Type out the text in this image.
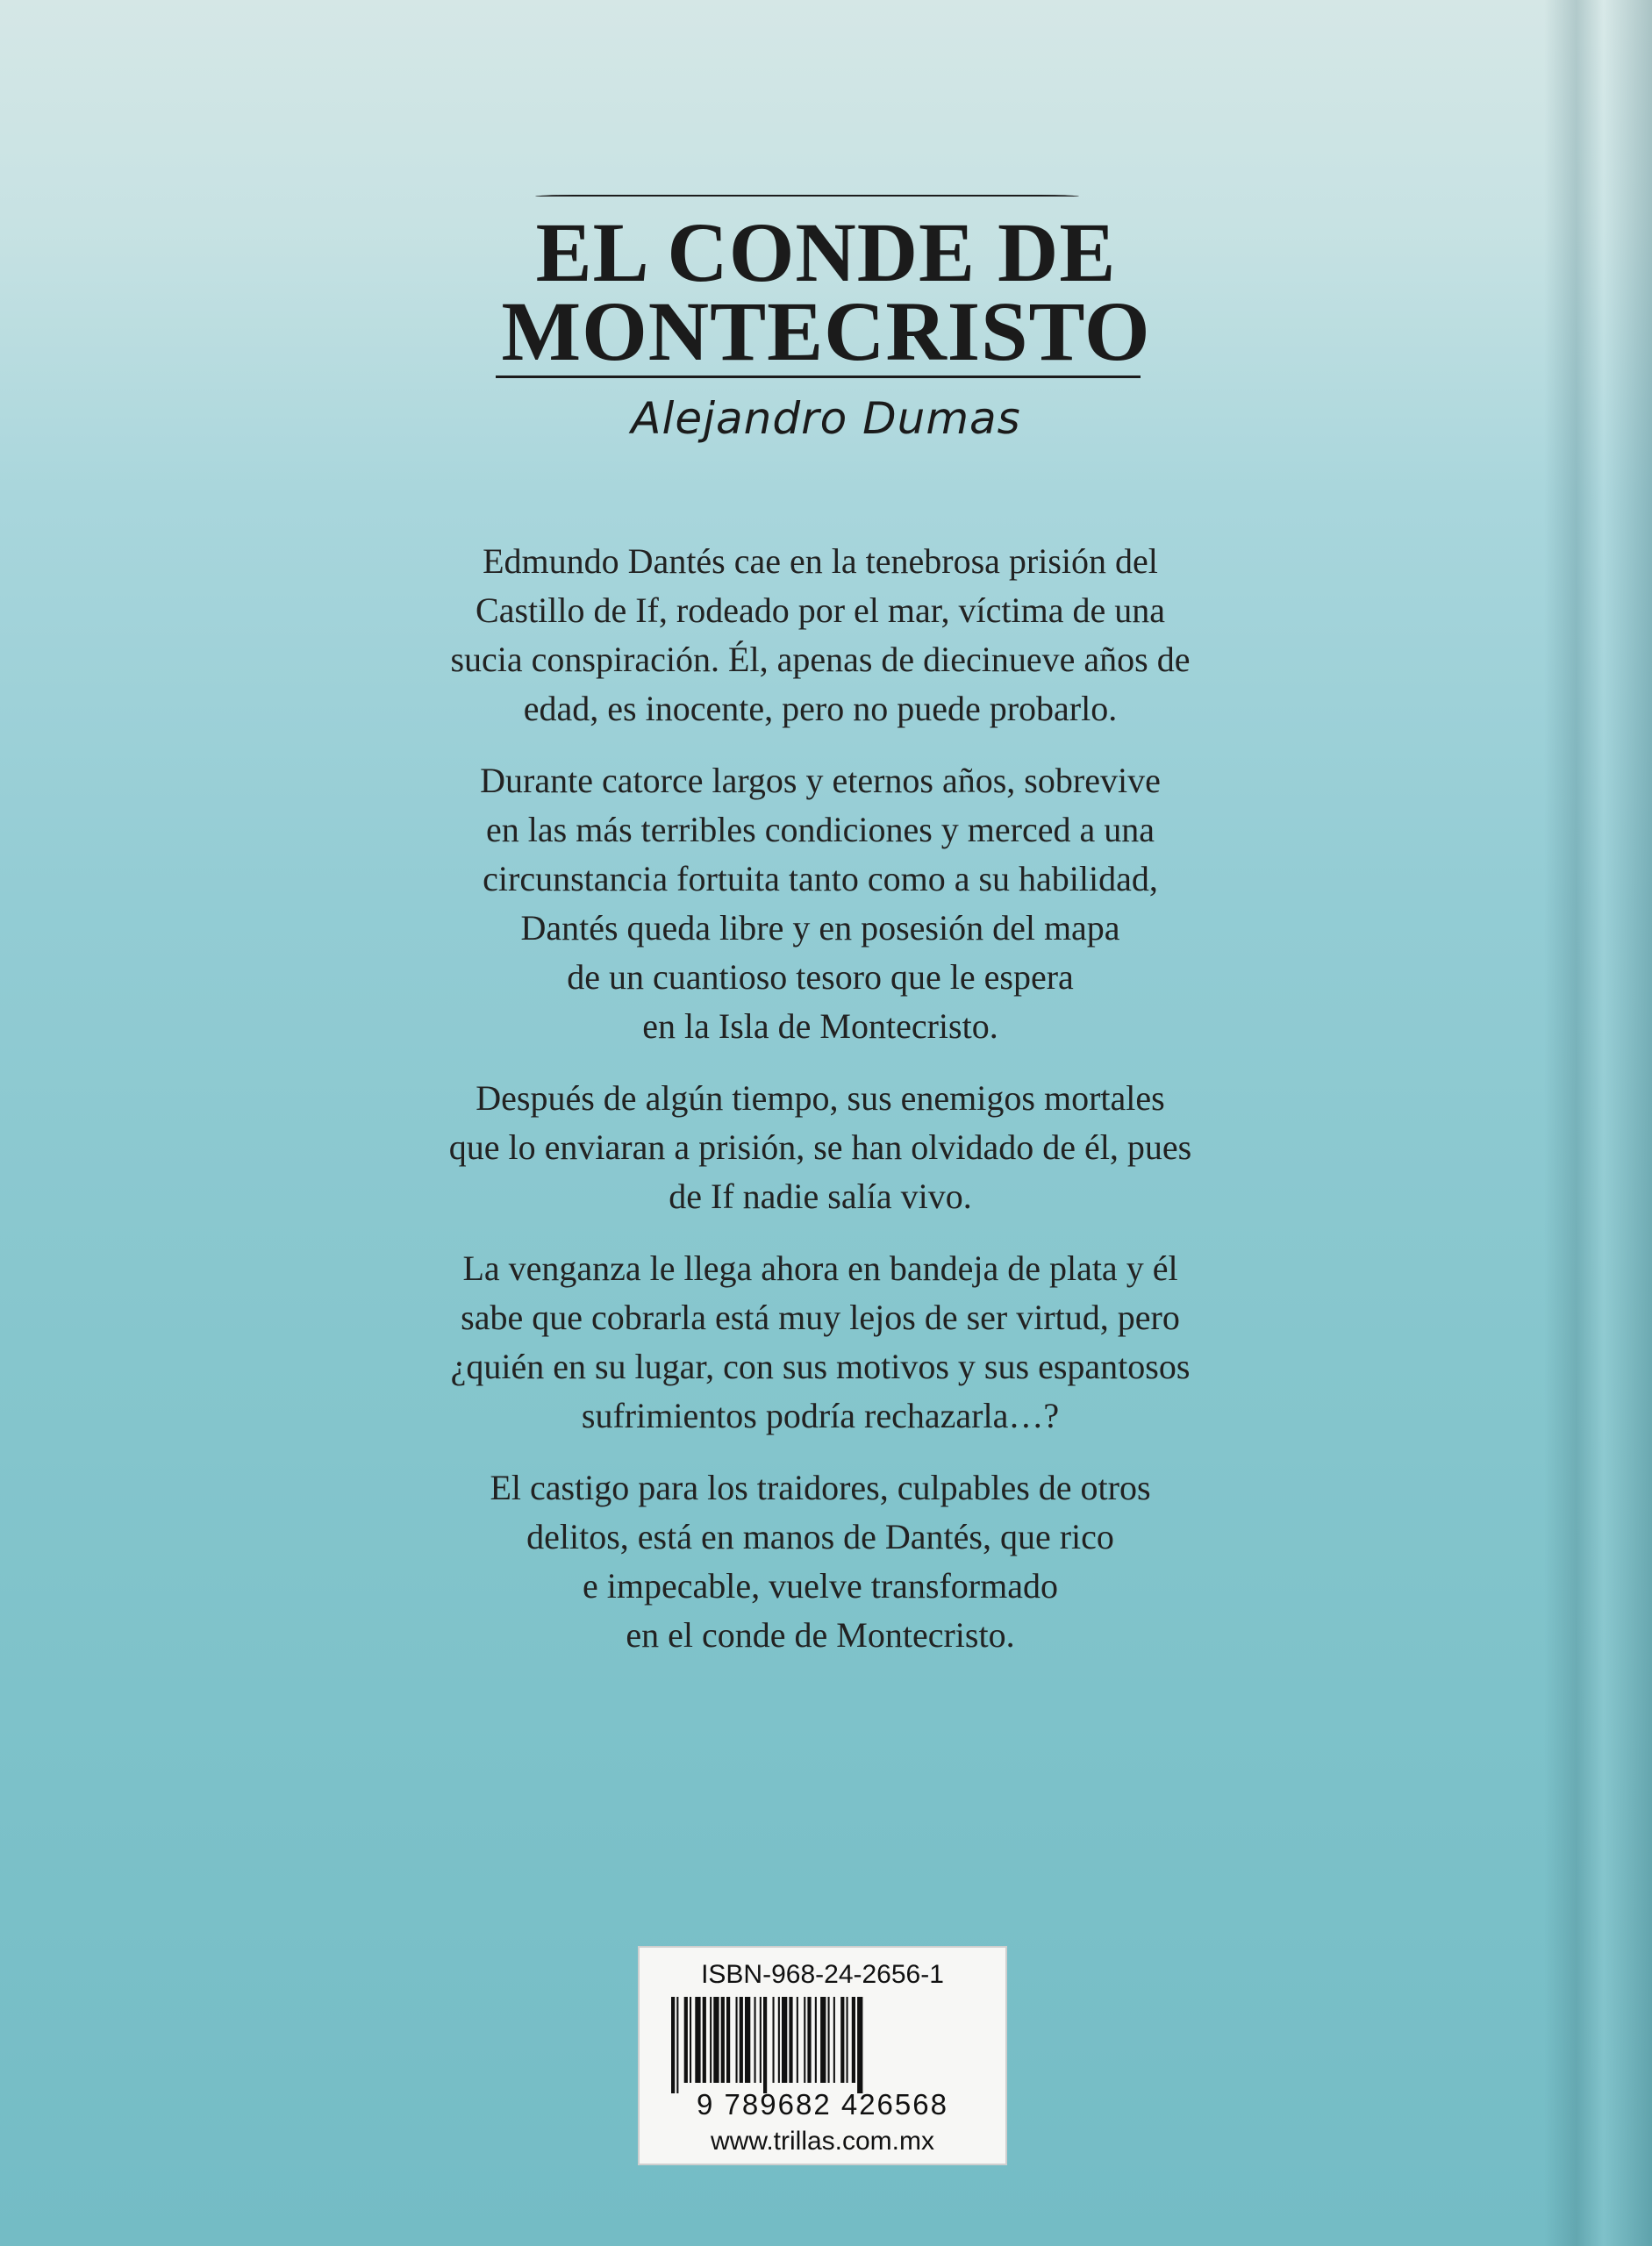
EL CONDE DE
MONTECRISTO
Alejandro Dumas
Edmundo Dantés cae en la tenebrosa prisión del
Castillo de If, rodeado por el mar, víctima de una
sucia conspiración. Él, apenas de diecinueve años de
edad, es inocente, pero no puede probarlo.
Durante catorce largos y eternos años, sobrevive
en las más terribles condiciones y merced a una
circunstancia fortuita tanto como a su habilidad,
Dantés queda libre y en posesión del mapa
de un cuantioso tesoro que le espera
en la Isla de Montecristo.
Después de algún tiempo, sus enemigos mortales
que lo enviaran a prisión, se han olvidado de él, pues
de If nadie salía vivo.
La venganza le llega ahora en bandeja de plata y él
sabe que cobrarla está muy lejos de ser virtud, pero
¿quién en su lugar, con sus motivos y sus espantosos
sufrimientos podría rechazarla…?
El castigo para los traidores, culpables de otros
delitos, está en manos de Dantés, que rico
e impecable, vuelve transformado
en el conde de Montecristo.
ISBN-968-24-2656-1
9 789682 426568
www.trillas.com.mx
